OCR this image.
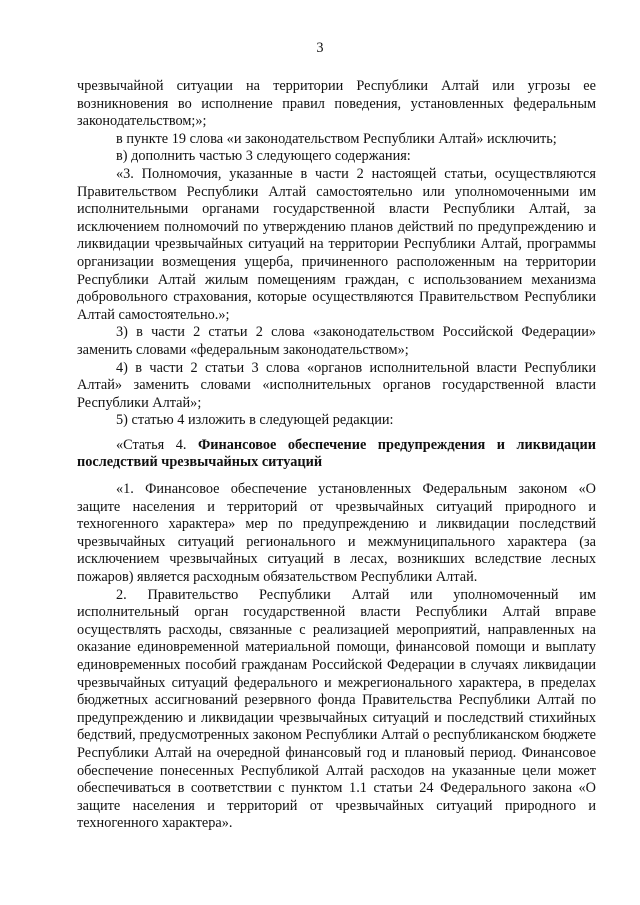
3

чрезвычайной ситуации на территории Республики Алтай или угрозы ее возникновения во исполнение правил поведения, установленных федеральным законодательством;»;

в пункте 19 слова «и законодательством Республики Алтай» исключить;

в) дополнить частью 3 следующего содержания:

«3. Полномочия, указанные в части 2 настоящей статьи, осуществляются Правительством Республики Алтай самостоятельно или уполномоченными им исполнительными органами государственной власти Республики Алтай, за исключением полномочий по утверждению планов действий по предупреждению и ликвидации чрезвычайных ситуаций на территории Республики Алтай, программы организации возмещения ущерба, причиненного расположенным на территории Республики Алтай жилым помещениям граждан, с использованием механизма добровольного страхования, которые осуществляются Правительством Республики Алтай самостоятельно.»;

3) в части 2 статьи 2 слова «законодательством Российской Федерации» заменить словами «федеральным законодательством»;

4) в части 2 статьи 3 слова «органов исполнительной власти Республики Алтай» заменить словами «исполнительных органов государственной власти Республики Алтай»;

5) статью 4 изложить в следующей редакции:

«Статья 4. Финансовое обеспечение предупреждения и ликвидации последствий чрезвычайных ситуаций

«1. Финансовое обеспечение установленных Федеральным законом «О защите населения и территорий от чрезвычайных ситуаций природного и техногенного характера» мер по предупреждению и ликвидации последствий чрезвычайных ситуаций регионального и межмуниципального характера (за исключением чрезвычайных ситуаций в лесах, возникших вследствие лесных пожаров) является расходным обязательством Республики Алтай.

2. Правительство Республики Алтай или уполномоченный им исполнительный орган государственной власти Республики Алтай вправе осуществлять расходы, связанные с реализацией мероприятий, направленных на оказание единовременной материальной помощи, финансовой помощи и выплату единовременных пособий гражданам Российской Федерации в случаях ликвидации чрезвычайных ситуаций федерального и межрегионального характера, в пределах бюджетных ассигнований резервного фонда Правительства Республики Алтай по предупреждению и ликвидации чрезвычайных ситуаций и последствий стихийных бедствий, предусмотренных законом Республики Алтай о республиканском бюджете Республики Алтай на очередной финансовый год и плановый период. Финансовое обеспечение понесенных Республикой Алтай расходов на указанные цели может обеспечиваться в соответствии с пунктом 1.1 статьи 24 Федерального закона «О защите населения и территорий от чрезвычайных ситуаций природного и техногенного характера».
